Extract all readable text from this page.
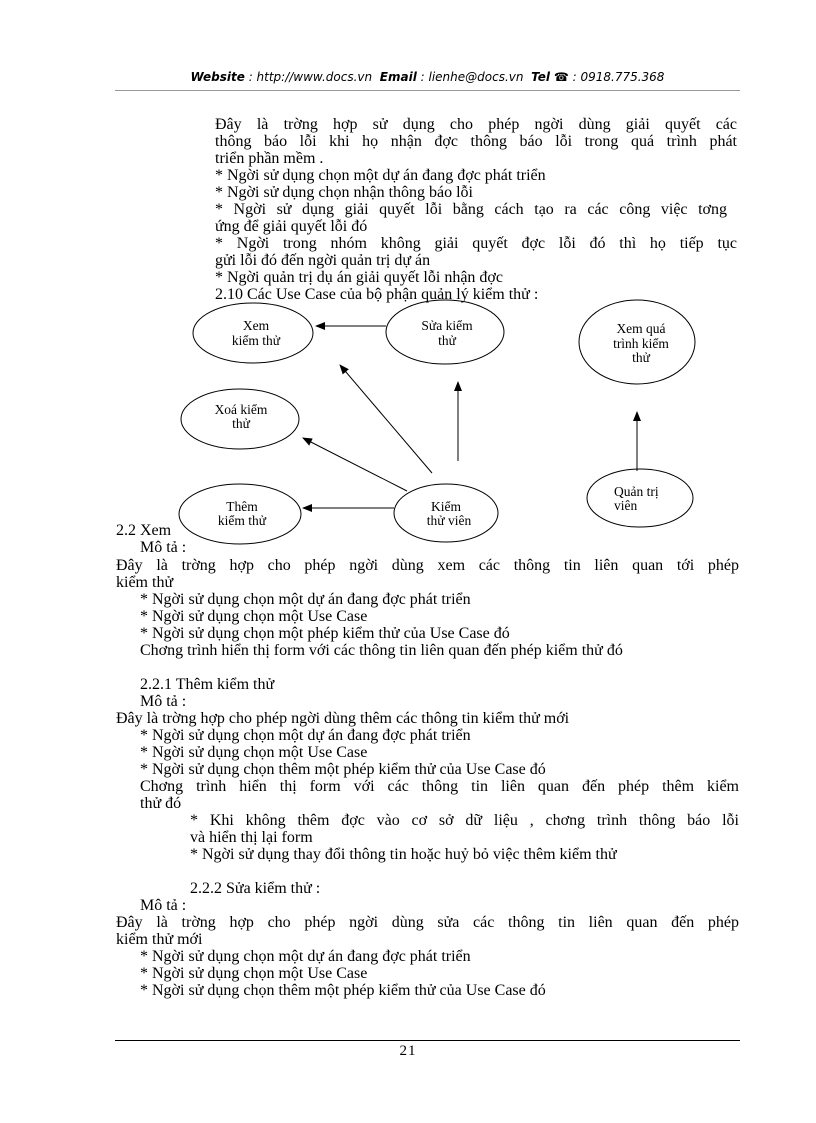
Website : http://www.docs.vn Email : lienhe@docs.vn Tel ☎ : 0918.775.368
Đây là trờng hợp sử dụng cho phép ngời dùng giải quyết các
thông báo lỗi khi họ nhận đợc thông báo lỗi trong quá trình phát
triển phần mềm .
* Ngời sử dụng chọn một dự án đang đợc phát triển
* Ngời sử dụng chọn nhận thông báo lỗi
* Ngời sử dụng giải quyết lỗi bằng cách tạo ra các công việc tơng
ứng để giải quyết lỗi đó
* Ngời trong nhóm không giải quyết đợc lỗi đó thì họ tiếp tục
gửi lỗi đó đến ngời quản trị dự án
* Ngời quản trị dụ án giải quyết lỗi nhận đợc
2.10 Các Use Case của bộ phận quản lý kiểm thử :
Xem
kiểm thử
Sửa kiểm
thử
Xem quá
trình kiểm
thử
Xoá kiểm
thử
Thêm
kiểm thử
Kiểm
thử viên
Quản trị
viên
2.2 Xem
Mô tả :
Đây là trờng hợp cho phép ngời dùng xem các thông tin liên quan tới phép
kiểm thử
* Ngời sử dụng chọn một dự án đang đợc phát triển
* Ngời sử dụng chọn một Use Case
* Ngời sử dụng chọn một phép kiểm thử của Use Case đó
Chơng trình hiển thị form với các thông tin liên quan đến phép kiểm thử đó
2.2.1 Thêm kiểm thử
Mô tả :
Đây là trờng hợp cho phép ngời dùng thêm các thông tin kiểm thử mới
* Ngời sử dụng chọn một dự án đang đợc phát triển
* Ngời sử dụng chọn một Use Case
* Ngời sử dụng chọn thêm một phép kiểm thử của Use Case đó
Chơng trình hiển thị form với các thông tin liên quan đến phép thêm kiểm
thử đó
* Khi không thêm đợc vào cơ sở dữ liệu , chơng trình thông báo lỗi
và hiển thị lại form
* Ngời sử dụng thay đổi thông tin hoặc huỷ bỏ việc thêm kiểm thử
2.2.2 Sửa kiểm thử :
Mô tả :
Đây là trờng hợp cho phép ngời dùng sửa các thông tin liên quan đến phép
kiểm thử mới
* Ngời sử dụng chọn một dự án đang đợc phát triển
* Ngời sử dụng chọn một Use Case
* Ngời sử dụng chọn thêm một phép kiểm thử của Use Case đó
21
